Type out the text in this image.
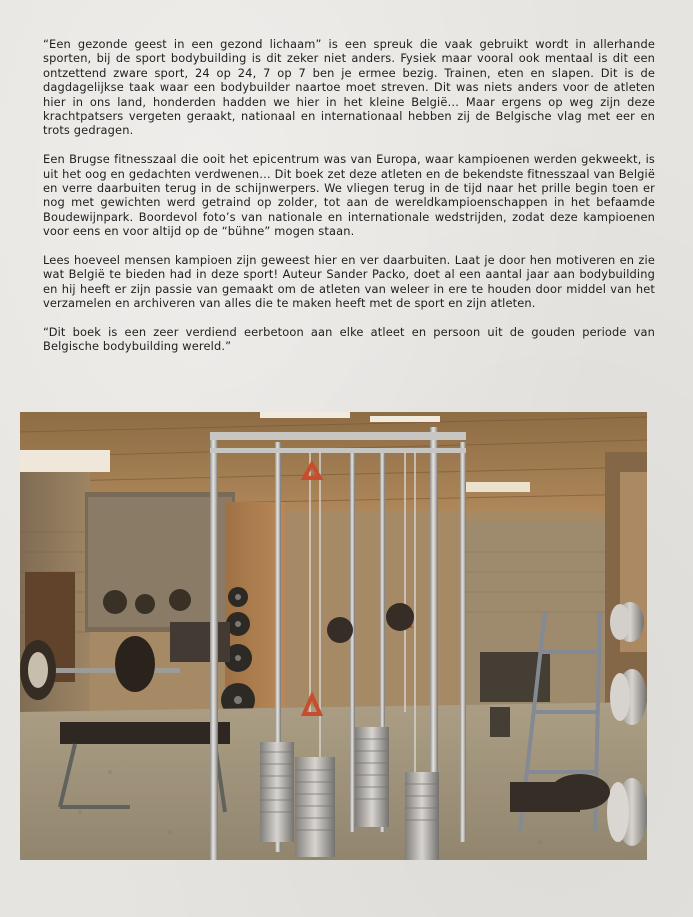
“Een gezonde geest in een gezond lichaam” is een spreuk die vaak gebruikt wordt in allerhande sporten, bij de sport bodybuilding is dit zeker niet anders. Fysiek maar vooral ook mentaal is dit een ontzettend zware sport, 24 op 24, 7 op 7 ben je ermee bezig. Trainen, eten en slapen. Dit is de dagdagelijkse taak waar een bodybuilder naartoe moet streven. Dit was niets anders voor de atleten hier in ons land, honderden hadden we hier in het kleine België… Maar ergens op weg zijn deze krachtpatsers vergeten geraakt, nationaal en internationaal hebben zij de Belgische vlag met eer en trots gedragen.

Een Brugse fitnesszaal die ooit het epicentrum was van Europa, waar kampioenen werden gekweekt, is uit het oog en gedachten verdwenen… Dit boek zet deze atleten en de bekendste fitnesszaal van België en verre daarbuiten terug in de schijnwerpers. We vliegen terug in de tijd naar het prille begin toen er nog met gewichten werd getraind op zolder, tot aan de wereldkampioenschappen in het befaamde Boudewijnpark. Boordevol foto’s van nationale en internationale wedstrijden, zodat deze kampioenen voor eens en voor altijd op de “bühne” mogen staan.

Lees hoeveel mensen kampioen zijn geweest hier en ver daarbuiten. Laat je door hen motiveren en zie wat België te bieden had in deze sport! Auteur Sander Packo, doet al een aantal jaar aan bodybuilding en hij heeft er zijn passie van gemaakt om de atleten van weleer in ere te houden door middel van het verzamelen en archiveren van alles die te maken heeft met de sport en zijn atleten.

“Dit boek is een zeer verdiend eerbetoon aan elke atleet en persoon uit de gouden periode van Belgische bodybuilding wereld.”
